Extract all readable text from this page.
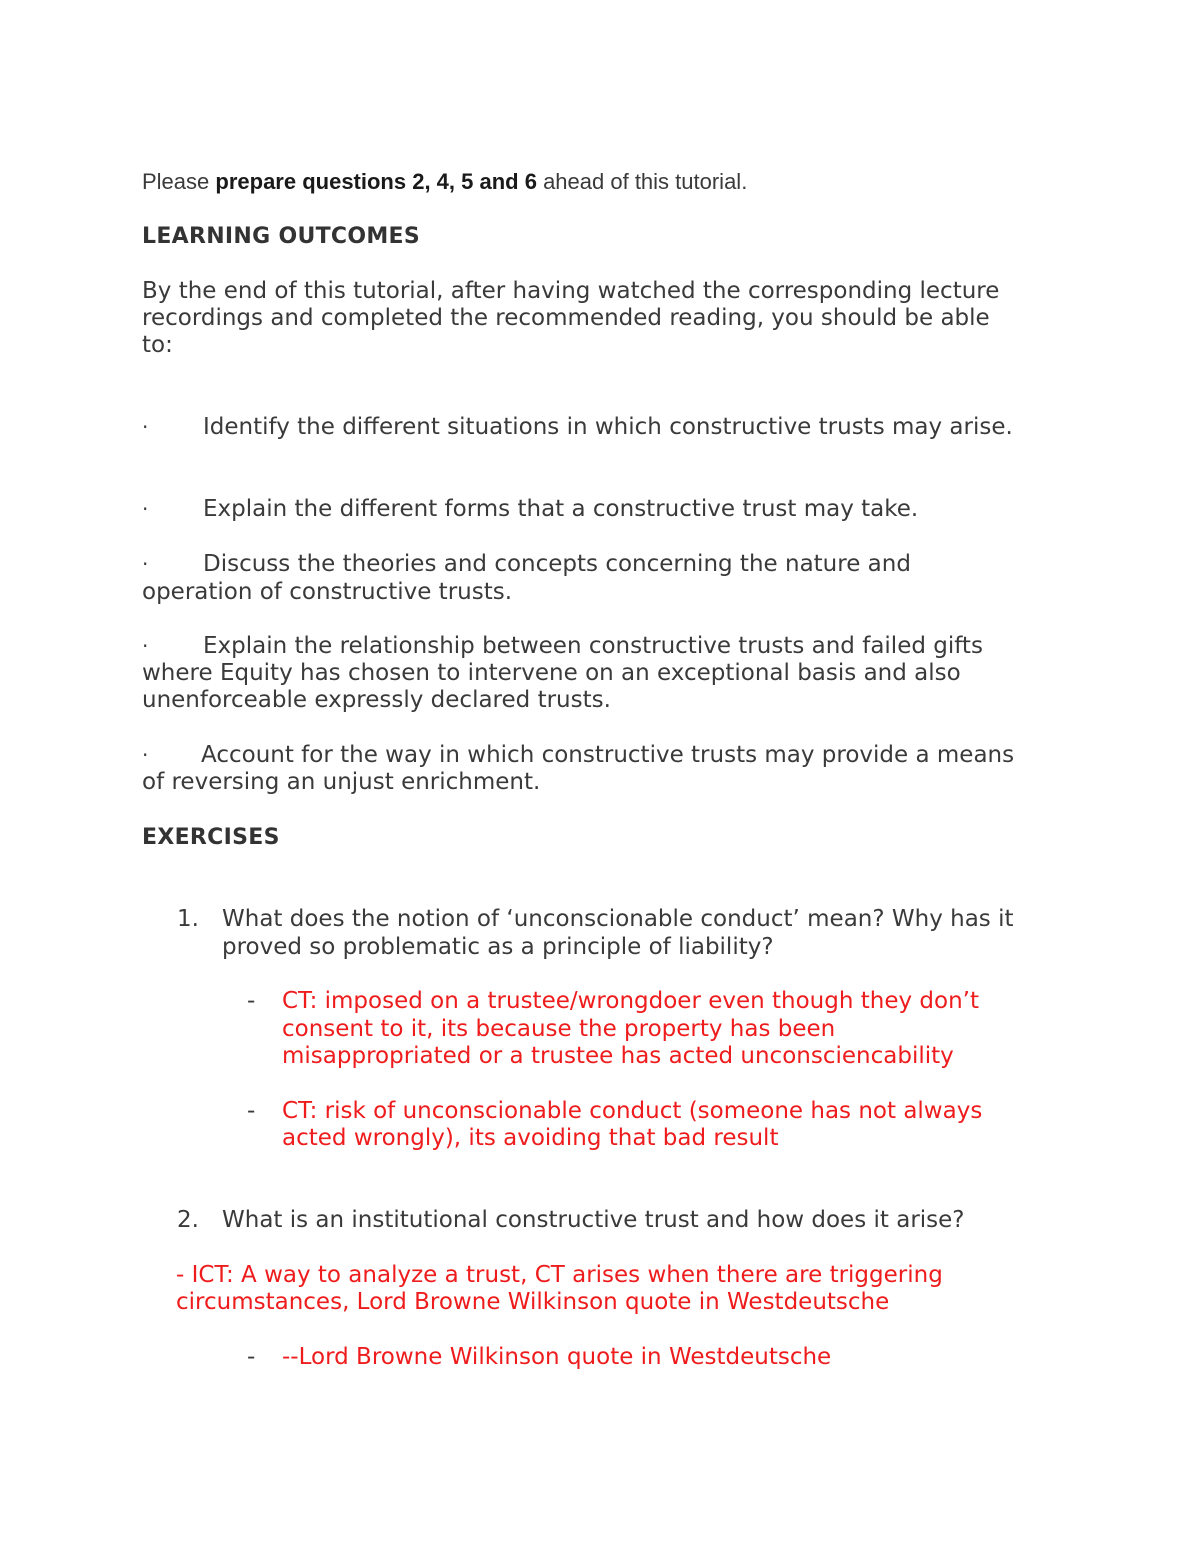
Please prepare questions 2, 4, 5 and 6 ahead of this tutorial.
LEARNING OUTCOMES
By the end of this tutorial, after having watched the corresponding lecture
recordings and completed the recommended reading, you should be able
to:
· Identify the different situations in which constructive trusts may arise.
· Explain the different forms that a constructive trust may take.
· Discuss the theories and concepts concerning the nature and
operation of constructive trusts.
· Explain the relationship between constructive trusts and failed gifts
where Equity has chosen to intervene on an exceptional basis and also
unenforceable expressly declared trusts.
· Account for the way in which constructive trusts may provide a means
of reversing an unjust enrichment.
EXERCISES
1. What does the notion of ‘unconscionable conduct’ mean? Why has it
proved so problematic as a principle of liability?
- CT: imposed on a trustee/wrongdoer even though they don’t
consent to it, its because the property has been
misappropriated or a trustee has acted unconsciencability
- CT: risk of unconscionable conduct (someone has not always
acted wrongly), its avoiding that bad result
2. What is an institutional constructive trust and how does it arise?
- ICT: A way to analyze a trust, CT arises when there are triggering
circumstances, Lord Browne Wilkinson quote in Westdeutsche
- --Lord Browne Wilkinson quote in Westdeutsche
